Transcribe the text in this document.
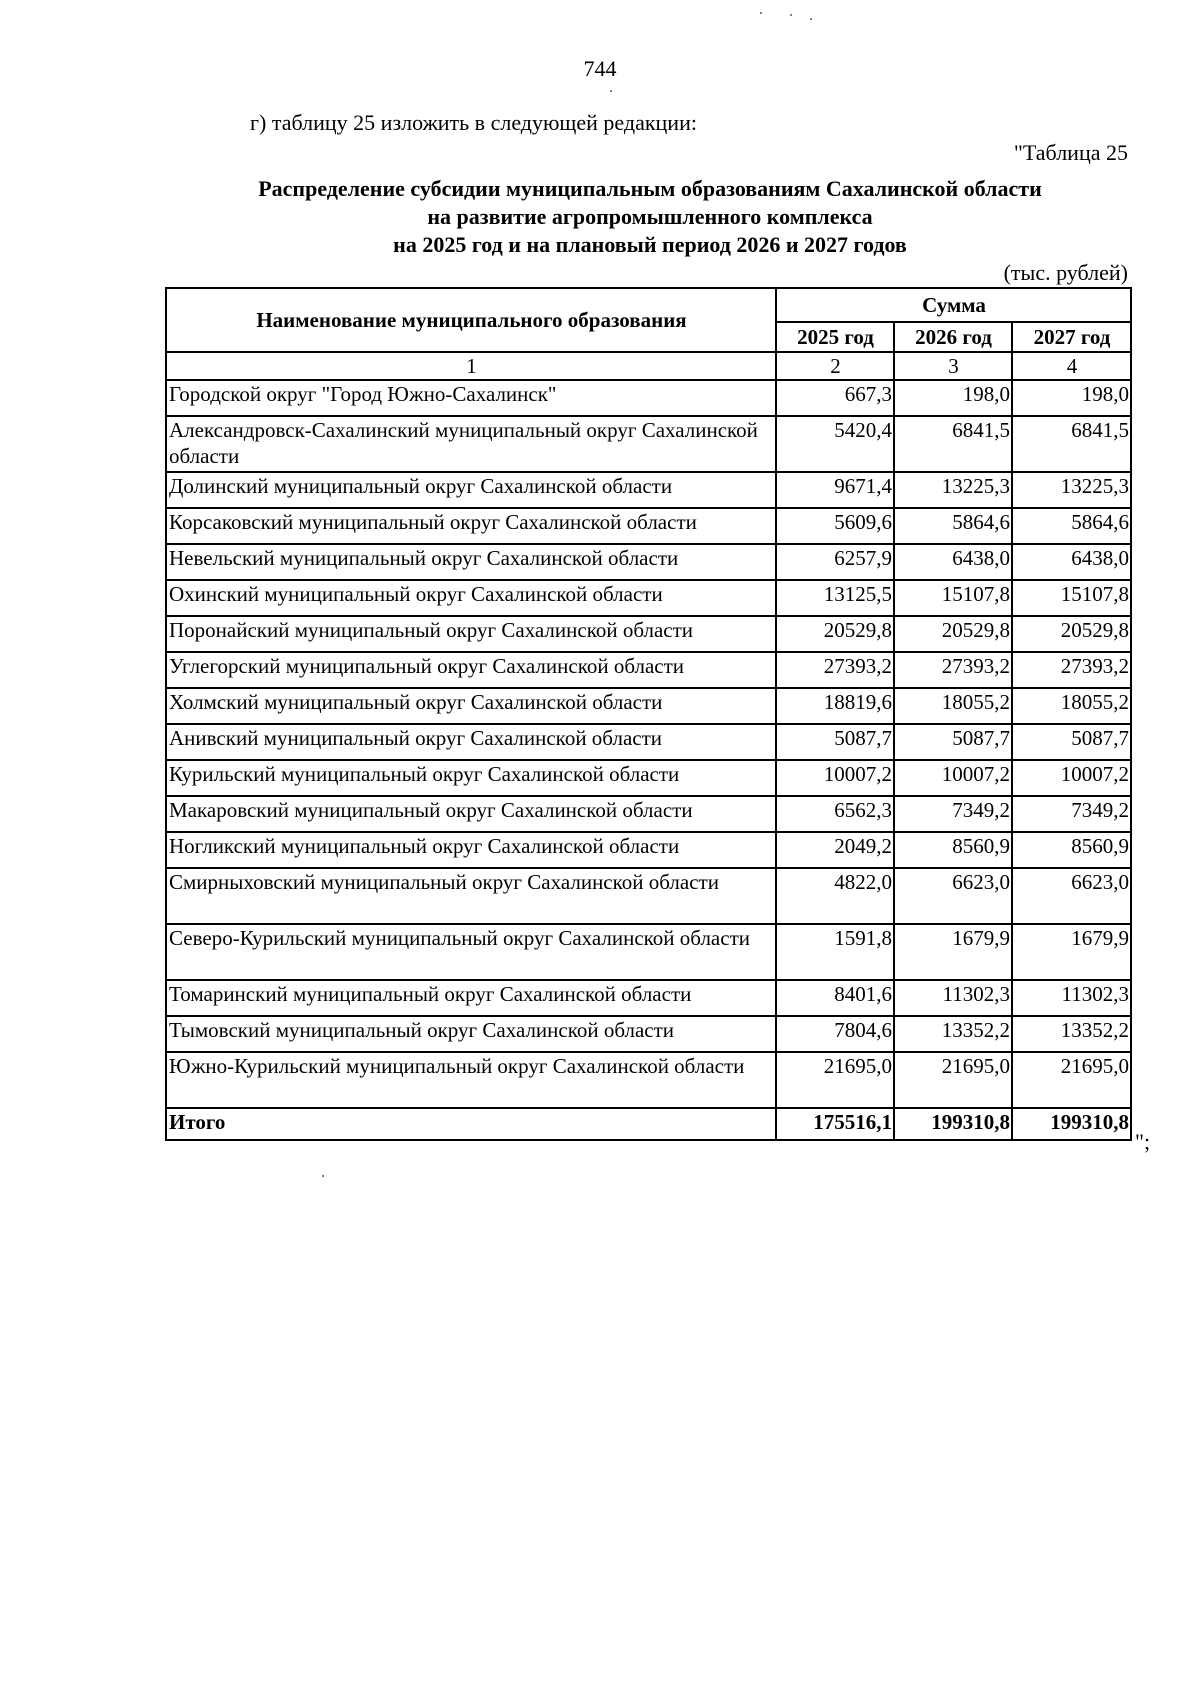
744
г) таблицу 25 изложить в следующей редакции:
"Таблица 25
Распределение субсидии муниципальным образованиям Сахалинской области
на развитие агропромышленного комплекса
на 2025 год и на плановый период 2026 и 2027 годов
(тыс. рублей)
Наименование муниципального образования	Сумма		
	2025 год	2026 год	2027 год
1	2	3	4
Городской округ "Город Южно-Сахалинск"	667,3	198,0	198,0
Александровск-Сахалинский муниципальный округ Сахалинской области	5420,4	6841,5	6841,5
Долинский муниципальный округ Сахалинской области	9671,4	13225,3	13225,3
Корсаковский муниципальный округ Сахалинской области	5609,6	5864,6	5864,6
Невельский муниципальный округ Сахалинской области	6257,9	6438,0	6438,0
Охинский муниципальный округ Сахалинской области	13125,5	15107,8	15107,8
Поронайский муниципальный округ Сахалинской области	20529,8	20529,8	20529,8
Углегорский муниципальный округ Сахалинской области	27393,2	27393,2	27393,2
Холмский муниципальный округ Сахалинской области	18819,6	18055,2	18055,2
Анивский муниципальный округ Сахалинской области	5087,7	5087,7	5087,7
Курильский муниципальный округ Сахалинской области	10007,2	10007,2	10007,2
Макаровский муниципальный округ Сахалинской области	6562,3	7349,2	7349,2
Ногликский муниципальный округ Сахалинской области	2049,2	8560,9	8560,9
Смирныховский муниципальный округ Сахалинской области	4822,0	6623,0	6623,0
Северо-Курильский муниципальный округ Сахалинской области	1591,8	1679,9	1679,9
Томаринский муниципальный округ Сахалинской области	8401,6	11302,3	11302,3
Тымовский муниципальный округ Сахалинской области	7804,6	13352,2	13352,2
Южно-Курильский муниципальный округ Сахалинской области	21695,0	21695,0	21695,0
Итого	175516,1	199310,8	199310,8
";
